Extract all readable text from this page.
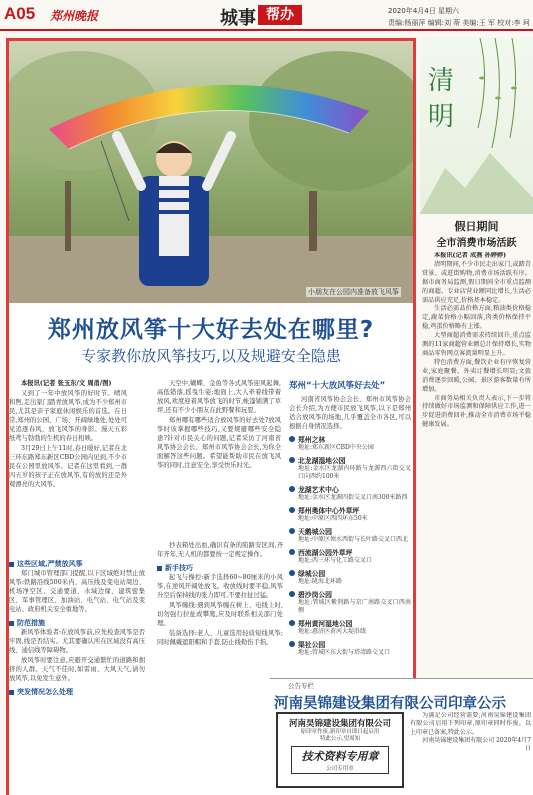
A05 郑州晚报	城事 帮办	2020年4月4日 星期六
责编:杨丽萍 编辑:刘 蒂 美编:王 军 校对:李 珂
小朋友在公园内准备放飞风筝
郑州放风筝十大好去处在哪里?
专家教你放风筝技巧,以及规避安全隐患

本报讯(记者 张玉东/文 周甬/图)

又到了一年中放风筝的好时节。晴风和煦,走出家门踏青放风筝,成为不少郑州市民,尤其是亲子家庭休闲娱乐的首选。在日常,郑州的公园、广场、开阔绿地处,处处可见追逐春风、放飞风筝的身影。漫天五彩纸鸢与勃勃的生机的春日相映。

3月29日上午11时,春日暖好,记者在北三环东路郑东新区CBD公园内见到,不少市民在公园里放风筝。记者在这里看到,一群四五岁的孩子正在放风筝,有的放的还是外观漂亮的大风筝。

天空中,蝴蝶、金鱼等各式风筝迎风起舞,高低错落,摇曳生姿;地面上,大人牵着线带着放风,欢度迎着风筝放飞的时节,帐篷铺满了草坪,还有不少小朋友在此野餐和玩耍。

郑州哪有哪些适合放风筝的好去处?放风筝时该掌握哪些技巧,又要规避哪些安全隐患?针对市民关心的问题,记者采访了河南省风筝协会会长、郑州市风筝协会会长,为你全面解答这些问题。希望能帮助市民在放飞风筝的同时,注意安全,享受快乐时光。

郑州“十大放风筝好去处”

河南省风筝协会会长、郑州市风筝协会会长介绍,为方便市民放飞风筝,以下是郑州适合放风筝的场地,几乎覆盖全市各区,可以根据自身情况选择。

郑州之林
地址:郑东新区CBD中央公园
北龙湖湿地公园
地址:金水区龙湖内环路与龙源西六街交叉口向西约100米
龙湖艺术中心
地址:金水区龙源四街交叉口南300米路西
郑州奥体中心外草坪
地址:中原区西四环东50米
天鹅城公园
地址:中原区须水西街与长叶路交叉口西北
西流湖公园外草坪
地址:西三环与化工路交叉口
绿城公园
地址:陇海北环路
碧沙岗公园
地址:管城区紫荆路与京广南路交叉口西南侧
郑州黄河湿地公园
地址:惠济区黄河大堤沿线
渠社公园
地址:管城区东大街与塔湾路交叉口
这些区域,严禁放风筝

郑门城市管理部门提醒,以下区域绝对禁止放风筝:铁路沿线500米内、高压线及变电站周边、机场净空区、交通要道、水域边缘、建筑密集区、军事管理区、加油站、电气站、电气站及变电站、政府机关安全重地等。

防范措施

新风筝体验者:在放风筝前,应先检查风筝是否牢固,线是否结实。尤其要确认所在区域没有高压线、通信线等障碍物。

放风筝时要注意,应避开交通繁忙的道路和拥挤的人群。天气不佳时,如雷雨、大风天气,请勿放风筝,以免发生意外。

突发情况怎么处理

抄表箱处出血,确识有条的陷路安区间,齐年齐年,无人机的都要按一定规定操作。

新手技巧

起飞与操控:新手选择60~80厘米的小风筝,在逆风开阔处放飞。收放线时要平稳,风筝升空后保持线的张力即可,不要拉扯过猛。

风筝缠线:遇到风筝缠在树上、电线上时,切勿强行拉扯或攀爬,应及时联系相关部门处理。

装备选择:老人、儿童选用轻质短线风筝;同时佩戴遮阳帽和手套,防止线勒伤手指。

清
明
假日期间
全市消费市场活跃

本报讯(记者 成燕 孙婷婷)

清明期间,不少市民走出家门,或踏青赏景、或逛街购物,消费市场活跃有序。据市商务局监测,假日期间全市重点监测的商超、专业店营业额同比增长,生活必需品供应充足,价格基本稳定。

生活必需品价格方面,粮油类价格稳定,蔬菜价格小幅回落,肉类价格保持平稳,鸡蛋价格略有上涨。

大型商超消费需求持续回升,重点监测的11家商超营业额总计保持增长,实物商品零售网点客流量明显上升。

特色消费方面,餐饮企业有序恢复营业,家庭聚餐、外卖订餐增长明显;文旅消费逐步回暖,公园、景区游客数量有所增加。

市商务局相关负责人表示,下一步将持续做好市场监测和保障供应工作,进一步促进消费回补,推动全市消费市场平稳健康发展。

公告专栏
河南昊锦建设集团有限公司印章公示
河南昊锦建设集团有限公司
原印章作废,新印章自即日起启用
特此公示,望周知
技术资料专用章
公司专用章

为满足公司经营需要,河南昊锦建设集团有限公司启用下列印章,原印章同时作废。以上印章已备案,特此公示。

河南昊锦建设集团有限公司 2020年4月7日
